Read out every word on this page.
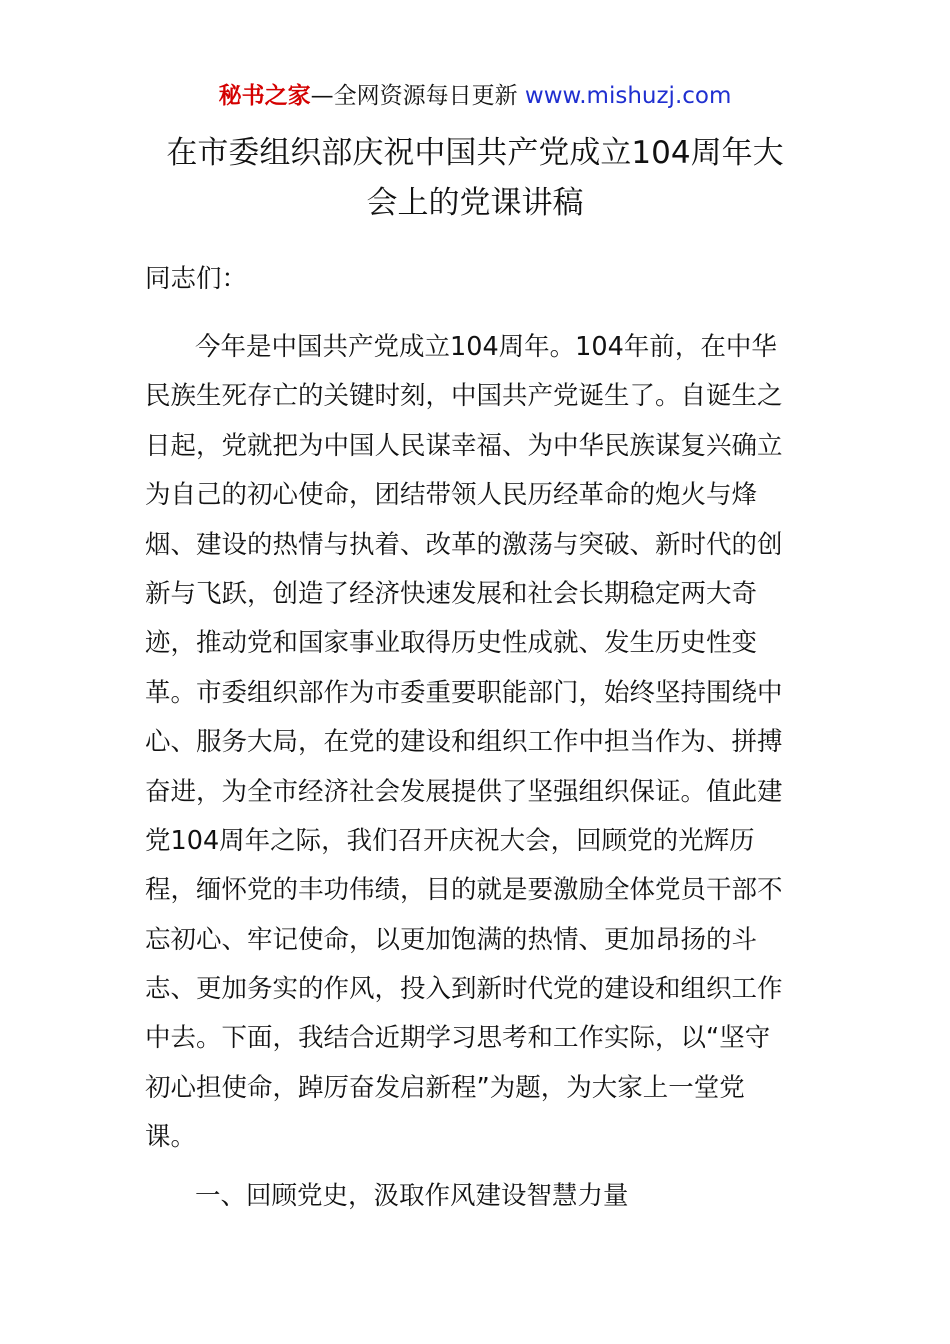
秘书之家—全网资源每日更新 www.mishuzj.com
在市委组织部庆祝中国共产党成立104周年大
会上的党课讲稿
同志们：
今年是中国共产党成立104周年。104年前，在中华
民族生死存亡的关键时刻，中国共产党诞生了。自诞生之
日起，党就把为中国人民谋幸福、为中华民族谋复兴确立
为自己的初心使命，团结带领人民历经革命的炮火与烽
烟、建设的热情与执着、改革的激荡与突破、新时代的创
新与飞跃，创造了经济快速发展和社会长期稳定两大奇
迹，推动党和国家事业取得历史性成就、发生历史性变
革。市委组织部作为市委重要职能部门，始终坚持围绕中
心、服务大局，在党的建设和组织工作中担当作为、拼搏
奋进，为全市经济社会发展提供了坚强组织保证。值此建
党104周年之际，我们召开庆祝大会，回顾党的光辉历
程，缅怀党的丰功伟绩，目的就是要激励全体党员干部不
忘初心、牢记使命，以更加饱满的热情、更加昂扬的斗
志、更加务实的作风，投入到新时代党的建设和组织工作
中去。下面，我结合近期学习思考和工作实际，以“坚守
初心担使命，踔厉奋发启新程”为题，为大家上一堂党
课。
一、回顾党史，汲取作风建设智慧力量
